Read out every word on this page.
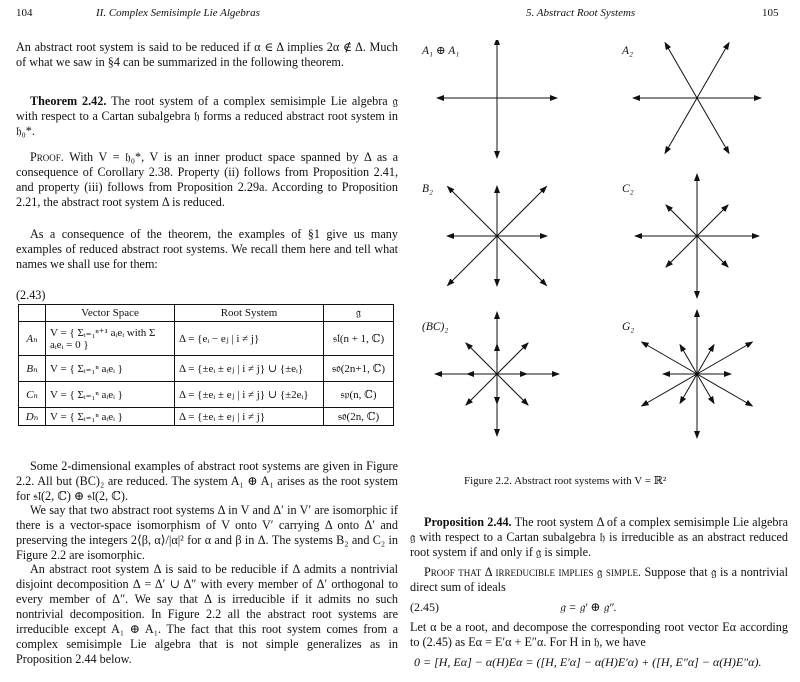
104	II. Complex Semisimple Lie Algebras

An abstract root system is said to be reduced if α ∈ Δ implies 2α ∉ Δ. Much of what we saw in §4 can be summarized in the following theorem.

Theorem 2.42. The root system of a complex semisimple Lie algebra 𝔤 with respect to a Cartan subalgebra 𝔥 forms a reduced abstract root system in 𝔥₀*.

Proof. With V = 𝔥₀*, V is an inner product space spanned by Δ as a consequence of Corollary 2.38. Property (ii) follows from Proposition 2.41, and property (iii) follows from Proposition 2.29a. According to Proposition 2.21, the abstract root system Δ is reduced.

As a consequence of the theorem, the examples of §1 give us many examples of reduced abstract root systems. We recall them here and tell what names we shall use for them:

(2.43)
	Vector Space	Root System	𝔤
Aₙ	V = { Σᵢ₌₁ⁿ⁺¹ aᵢeᵢ with Σ aᵢeᵢ = 0 }	Δ = {eᵢ − eⱼ | i ≠ j}	𝔰𝔩(n + 1, ℂ)
Bₙ	V = { Σᵢ₌₁ⁿ aᵢeᵢ }	Δ = {±eᵢ ± eⱼ | i ≠ j} ∪ {±eᵢ}	𝔰𝔬(2n+1, ℂ)
Cₙ	V = { Σᵢ₌₁ⁿ aᵢeᵢ }	Δ = {±eᵢ ± eⱼ | i ≠ j} ∪ {±2eᵢ}	𝔰𝔭(n, ℂ)
Dₙ	V = { Σᵢ₌₁ⁿ aᵢeᵢ }	Δ = {±eᵢ ± eⱼ | i ≠ j}	𝔰𝔬(2n, ℂ)

Some 2-dimensional examples of abstract root systems are given in Figure 2.2. All but (BC)₂ are reduced. The system A₁ ⊕ A₁ arises as the root system for 𝔰𝔩(2, ℂ) ⊕ 𝔰𝔩(2, ℂ).

We say that two abstract root systems Δ in V and Δ′ in V′ are isomorphic if there is a vector-space isomorphism of V onto V′ carrying Δ onto Δ′ and preserving the integers 2⟨β, α⟩/|α|² for α and β in Δ. The systems B₂ and C₂ in Figure 2.2 are isomorphic.

An abstract root system Δ is said to be reducible if Δ admits a nontrivial disjoint decomposition Δ = Δ′ ∪ Δ″ with every member of Δ′ orthogonal to every member of Δ″. We say that Δ is irreducible if it admits no such nontrivial decomposition. In Figure 2.2 all the abstract root systems are irreducible except A₁ ⊕ A₁. The fact that this root system comes from a complex semisimple Lie algebra that is not simple generalizes as in Proposition 2.44 below.

5. Abstract Root Systems	105
A₁ ⊕ A₁	A₂
B₂	C₂
(BC)₂	G₂
Figure 2.2. Abstract root systems with V = ℝ²

Proposition 2.44. The root system Δ of a complex semisimple Lie algebra 𝔤 with respect to a Cartan subalgebra 𝔥 is irreducible as an abstract reduced root system if and only if 𝔤 is simple.

Proof that Δ irreducible implies 𝔤 simple. Suppose that 𝔤 is a nontrivial direct sum of ideals

(2.45)	𝔤 = 𝔤′ ⊕ 𝔤″.

Let α be a root, and decompose the corresponding root vector Eα according to (2.45) as Eα = E′α + E″α. For H in 𝔥, we have

0 = [H, Eα] − α(H)Eα = ([H, E′α] − α(H)E′α) + ([H, E″α] − α(H)E″α).
